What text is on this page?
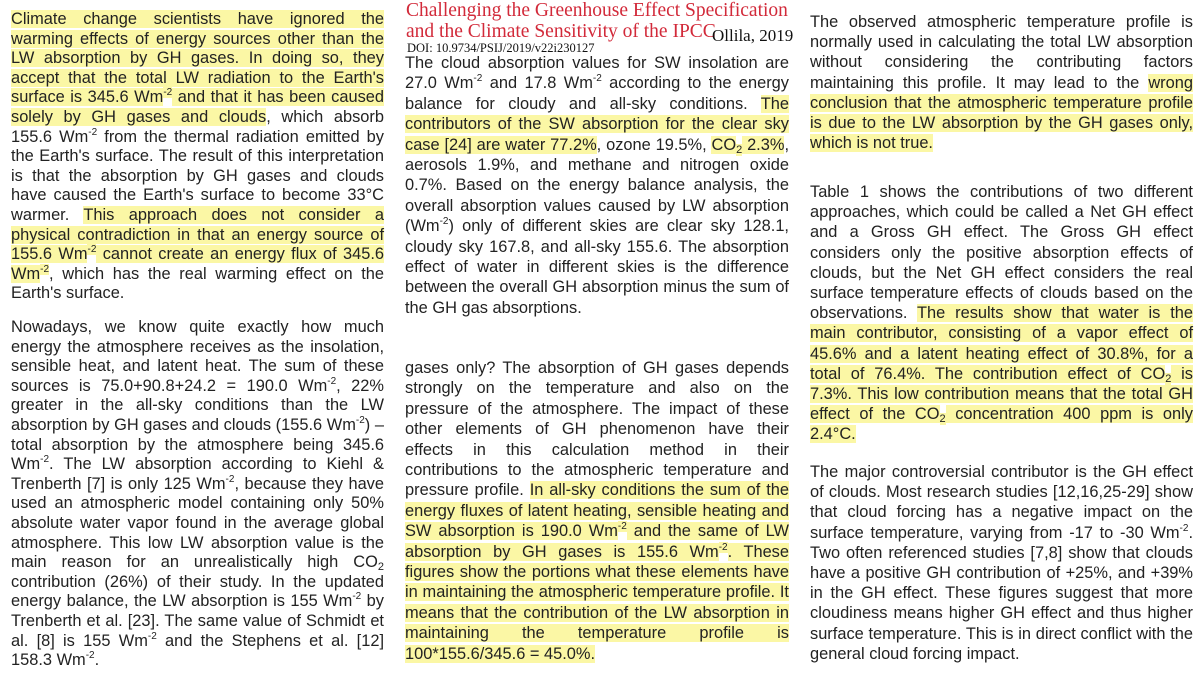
Challenging the Greenhouse Effect Specification
and the Climate Sensitivity of the IPCC
Ollila, 2019
DOI: 10.9734/PSIJ/2019/v22i230127

Climate change scientists have ignored the warming effects of energy sources other than the LW absorption by GH gases. In doing so, they accept that the total LW radiation to the Earth's surface is 345.6 $Wm^{-2}$ and that it has been caused solely by GH gases and clouds, which absorb 155.6 $Wm^{-2}$ from the thermal radiation emitted by the Earth's surface. The result of this interpretation is that the absorption by GH gases and clouds have caused the Earth's surface to become 33°C warmer. This approach does not consider a physical contradiction in that an energy source of 155.6 $Wm^{-2}$ cannot create an energy flux of 345.6 $Wm^{-2}$, which has the real warming effect on the Earth's surface.

Nowadays, we know quite exactly how much energy the atmosphere receives as the insolation, sensible heat, and latent heat. The sum of these sources is 75.0+90.8+24.2 = 190.0 $Wm^{-2}$, 22% greater in the all-sky conditions than the LW absorption by GH gases and clouds (155.6 $Wm^{-2}$) – total absorption by the atmosphere being 345.6 $Wm^{-2}$. The LW absorption according to Kiehl & Trenberth [7] is only 125 $Wm^{-2}$, because they have used an atmospheric model containing only 50% absolute water vapor found in the average global atmosphere. This low LW absorption value is the main reason for an unrealistically high $CO_2$ contribution (26%) of their study. In the updated energy balance, the LW absorption is 155 $Wm^{-2}$ by Trenberth et al. [23]. The same value of Schmidt et al. [8] is 155 $Wm^{-2}$ and the Stephens et al. [12] 158.3 $Wm^{-2}$.

The cloud absorption values for SW insolation are 27.0 $Wm^{-2}$ and 17.8 $Wm^{-2}$ according to the energy balance for cloudy and all-sky conditions. The contributors of the SW absorption for the clear sky case [24] are water 77.2%, ozone 19.5%, $CO_2$ 2.3%, aerosols 1.9%, and methane and nitrogen oxide 0.7%. Based on the energy balance analysis, the overall absorption values caused by LW absorption $(Wm^{-2})$ only of different skies are clear sky 128.1, cloudy sky 167.8, and all-sky 155.6. The absorption effect of water in different skies is the difference between the overall GH absorption minus the sum of the GH gas absorptions.

gases only? The absorption of GH gases depends strongly on the temperature and also on the pressure of the atmosphere. The impact of these other elements of GH phenomenon have their effects in this calculation method in their contributions to the atmospheric temperature and pressure profile. In all-sky conditions the sum of the energy fluxes of latent heating, sensible heating and SW absorption is 190.0 $Wm^{-2}$ and the same of LW absorption by GH gases is 155.6 $Wm^{-2}$. These figures show the portions what these elements have in maintaining the atmospheric temperature profile. It means that the contribution of the LW absorption in maintaining the temperature profile is 100*155.6/345.6 = 45.0%.

The observed atmospheric temperature profile is normally used in calculating the total LW absorption without considering the contributing factors maintaining this profile. It may lead to the wrong conclusion that the atmospheric temperature profile is due to the LW absorption by the GH gases only, which is not true.

Table 1 shows the contributions of two different approaches, which could be called a Net GH effect and a Gross GH effect. The Gross GH effect considers only the positive absorption effects of clouds, but the Net GH effect considers the real surface temperature effects of clouds based on the observations. The results show that water is the main contributor, consisting of a vapor effect of 45.6% and a latent heating effect of 30.8%, for a total of 76.4%. The contribution effect of $CO_2$ is 7.3%. This low contribution means that the total GH effect of the $CO_2$ concentration 400 ppm is only 2.4°C.

The major controversial contributor is the GH effect of clouds. Most research studies [12,16,25-29] show that cloud forcing has a negative impact on the surface temperature, varying from -17 to -30 $Wm^{-2}$. Two often referenced studies [7,8] show that clouds have a positive GH contribution of +25%, and +39% in the GH effect. These figures suggest that more cloudiness means higher GH effect and thus higher surface temperature. This is in direct conflict with the general cloud forcing impact.
